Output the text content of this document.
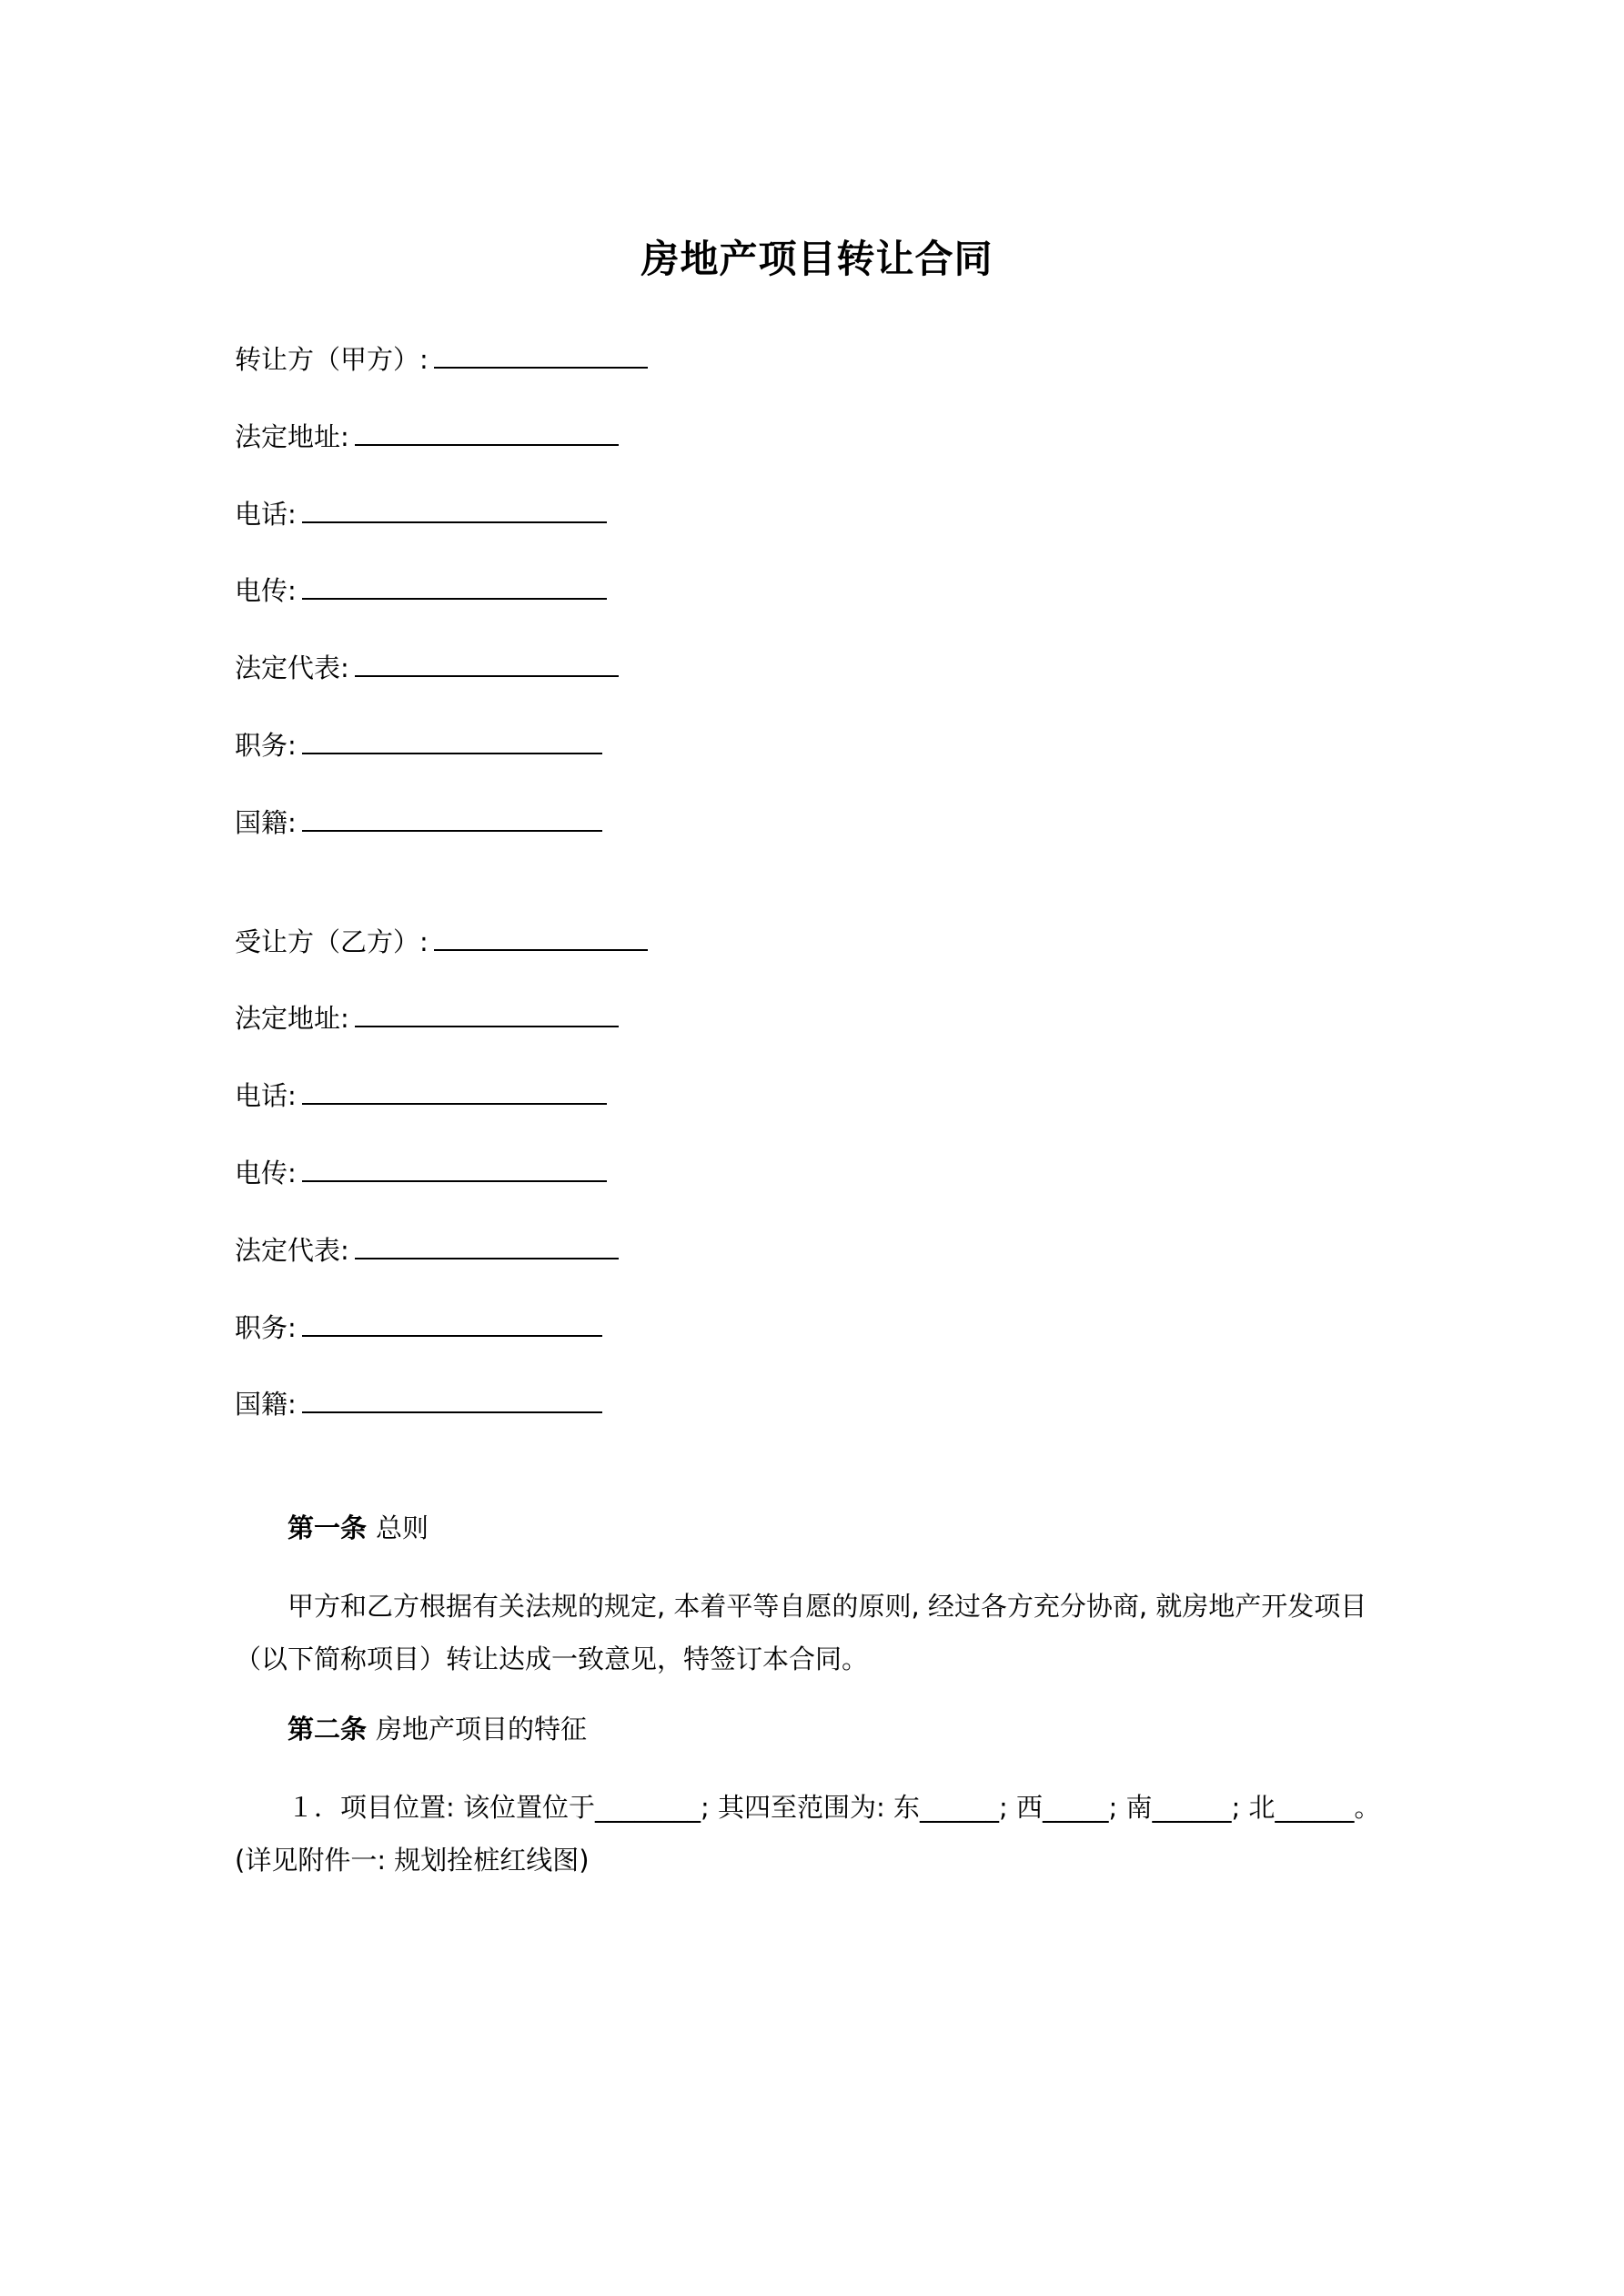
房地产项目转让合同
转让方（甲方）:
法定地址:
电话:
电传:
法定代表:
职务:
国籍:
受让方（乙方）:
法定地址:
电话:
电传:
法定代表:
职务:
国籍:
第一条 总则

甲方和乙方根据有关法规的规定, 本着平等自愿的原则, 经过各方充分协商, 就房地产开发项目（以下简称项目）转让达成一致意见，特签订本合同。

第二条 房地产项目的特征

１．项目位置: 该位置位于________; 其四至范围为: 东______; 西_____; 南______; 北______。(详见附件一: 规划拴桩红线图)
